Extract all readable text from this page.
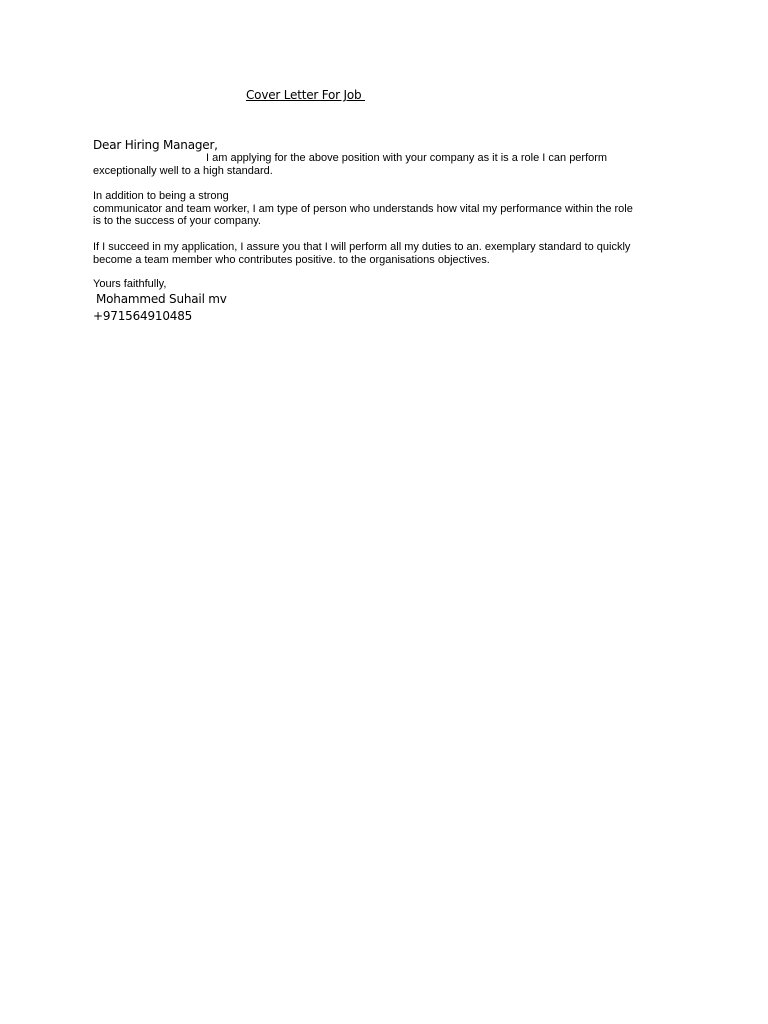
Cover Letter For Job
Dear Hiring Manager,
I am applying for the above position with your company as it is a role I can perform
exceptionally well to a high standard.
In addition to being a strong
communicator and team worker, I am type of person who understands how vital my performance within the role
is to the success of your company.
If I succeed in my application, I assure you that I will perform all my duties to an. exemplary standard to quickly
become a team member who contributes positive. to the organisations objectives.
Yours faithfully,
Mohammed Suhail mv
+971564910485
